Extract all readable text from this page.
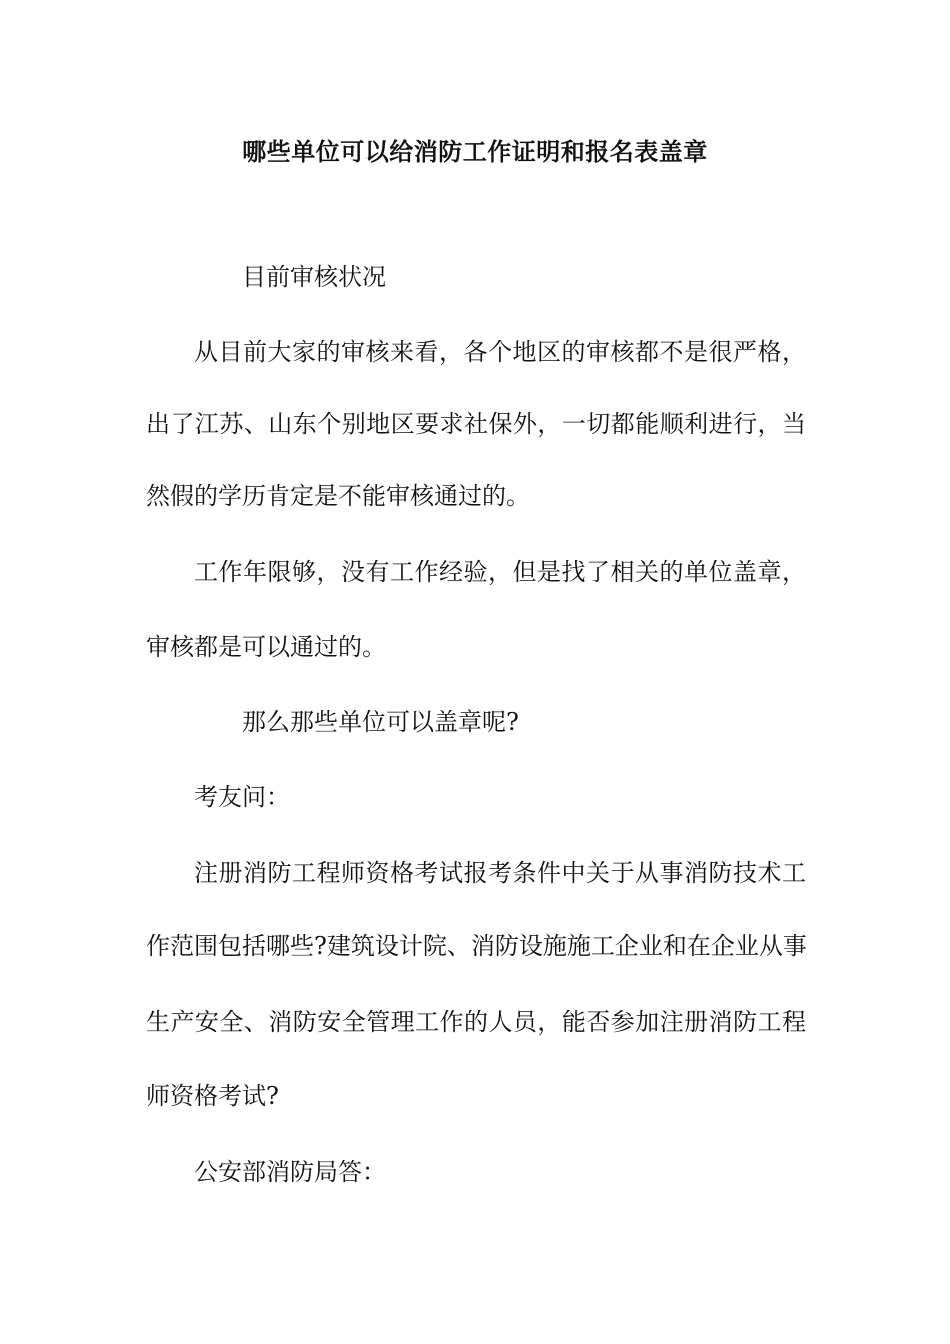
哪些单位可以给消防工作证明和报名表盖章
目前审核状况
从目前大家的审核来看，各个地区的审核都不是很严格，
出了江苏、山东个别地区要求社保外，一切都能顺利进行，当
然假的学历肯定是不能审核通过的。
工作年限够，没有工作经验，但是找了相关的单位盖章，
审核都是可以通过的。
那么那些单位可以盖章呢?
考友问：
注册消防工程师资格考试报考条件中关于从事消防技术工
作范围包括哪些?建筑设计院、消防设施施工企业和在企业从事
生产安全、消防安全管理工作的人员，能否参加注册消防工程
师资格考试?
公安部消防局答：
